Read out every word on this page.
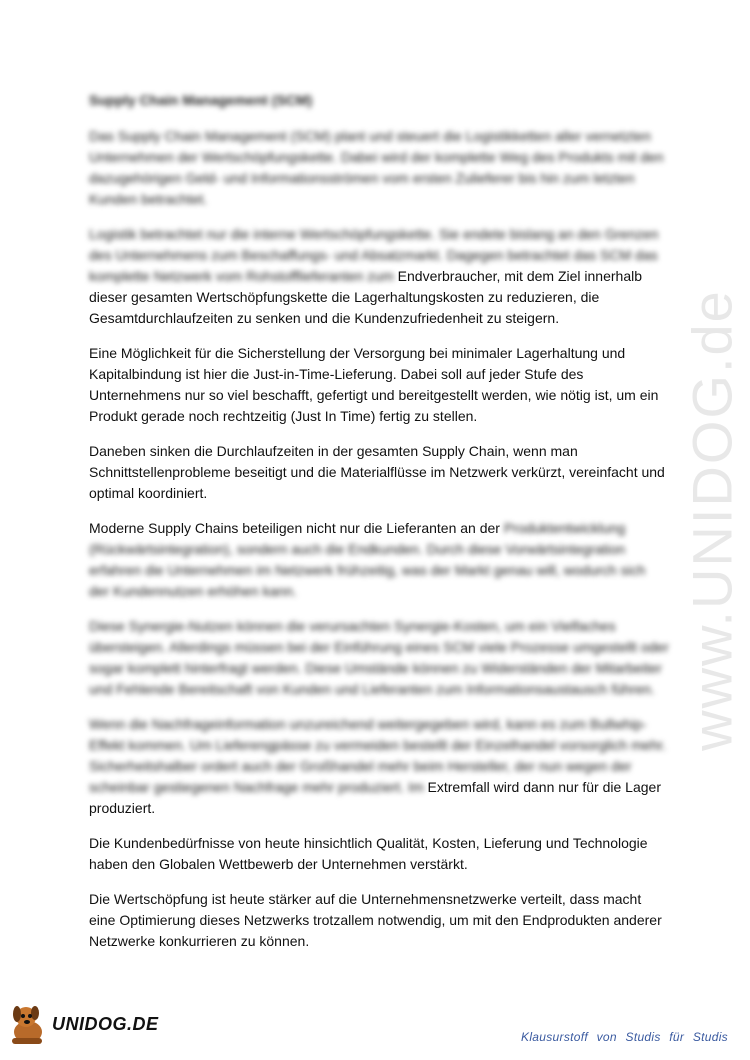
www.UNIDOG.de
Supply Chain Management (SCM)

Das Supply Chain Management (SCM) plant und steuert die Logistikketten aller vernetzten Unternehmen der Wertschöpfungskette. Dabei wird der komplette Weg des Produkts mit den dazugehörigen Geld- und Informationsströmen vom ersten Zulieferer bis hin zum letzten Kunden betrachtet.

Logistik betrachtet nur die interne Wertschöpfungskette. Sie endete bislang an den Grenzen des Unternehmens zum Beschaffungs- und Absatzmarkt. Dagegen betrachtet das SCM das komplette Netzwerk vom Rohstofflieferanten zum Endverbraucher, mit dem Ziel innerhalb dieser gesamten Wertschöpfungskette die Lagerhaltungskosten zu reduzieren, die Gesamtdurchlaufzeiten zu senken und die Kundenzufriedenheit zu steigern.

Eine Möglichkeit für die Sicherstellung der Versorgung bei minimaler Lagerhaltung und Kapitalbindung ist hier die Just-in-Time-Lieferung. Dabei soll auf jeder Stufe des Unternehmens nur so viel beschafft, gefertigt und bereitgestellt werden, wie nötig ist, um ein Produkt gerade noch rechtzeitig (Just In Time) fertig zu stellen.

Daneben sinken die Durchlaufzeiten in der gesamten Supply Chain, wenn man Schnittstellenprobleme beseitigt und die Materialflüsse im Netzwerk verkürzt, vereinfacht und optimal koordiniert.

Moderne Supply Chains beteiligen nicht nur die Lieferanten an der Produktentwicklung (Rückwärtsintegration), sondern auch die Endkunden. Durch diese Vorwärtsintegration erfahren die Unternehmen im Netzwerk frühzeitig, was der Markt genau will, wodurch sich der Kundennutzen erhöhen kann.

Diese Synergie-Nutzen können die verursachten Synergie-Kosten, um ein Vielfaches übersteigen. Allerdings müssen bei der Einführung eines SCM viele Prozesse umgestellt oder sogar komplett hinterfragt werden. Diese Umstände können zu Widerständen der Mitarbeiter und Fehlende Bereitschaft von Kunden und Lieferanten zum Informationsaustausch führen.

Wenn die Nachfrageinformation unzureichend weitergegeben wird, kann es zum Bullwhip-Effekt kommen. Um Lieferengpässe zu vermeiden bestellt der Einzelhandel vorsorglich mehr. Sicherheitshalber ordert auch der Großhandel mehr beim Hersteller, der nun wegen der scheinbar gestiegenen Nachfrage mehr produziert. Im Extremfall wird dann nur für die Lager produziert.

Die Kundenbedürfnisse von heute hinsichtlich Qualität, Kosten, Lieferung und Technologie haben den Globalen Wettbewerb der Unternehmen verstärkt.

Die Wertschöpfung ist heute stärker auf die Unternehmensnetzwerke verteilt, dass macht eine Optimierung dieses Netzwerks trotzallem notwendig, um mit den Endprodukten anderer Netzwerke konkurrieren zu können.

UNIDOG.DE
Klausurstoff von Studis für Studis
